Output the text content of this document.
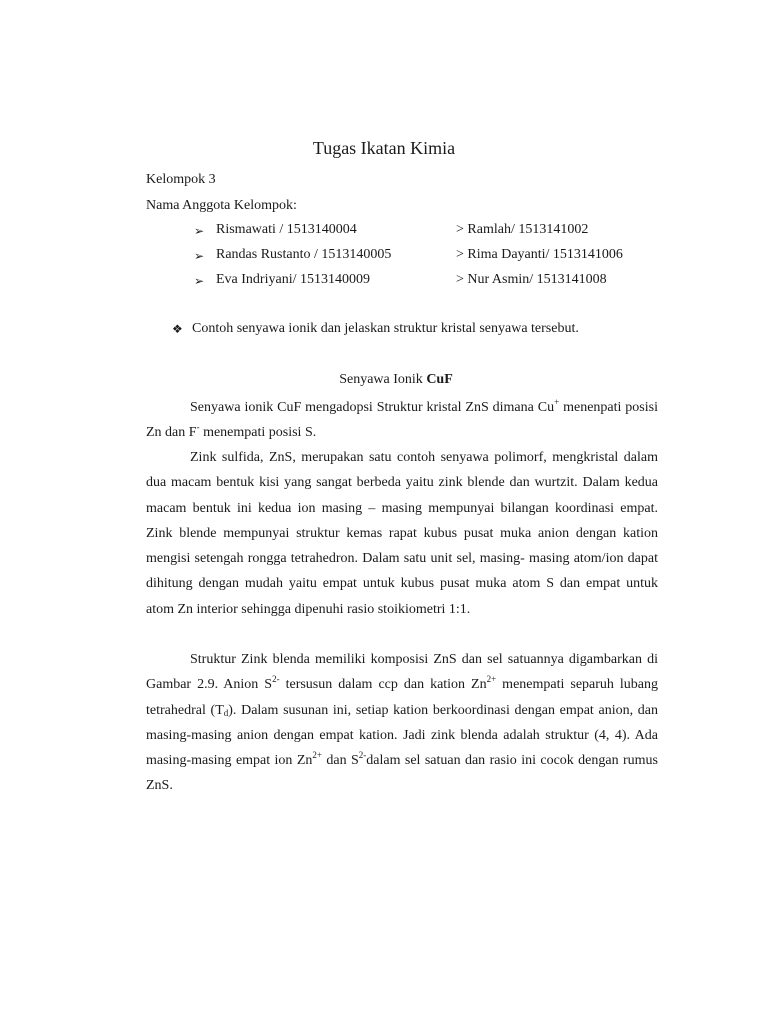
Tugas Ikatan Kimia
Kelompok 3
Nama Anggota Kelompok:
➢ Rismawati / 1513140004
➢ Randas Rustanto / 1513140005
➢ Eva Indriyani/ 1513140009
> Ramlah/ 1513141002
> Rima Dayanti/ 1513141006
> Nur Asmin/ 1513141008
❖ Contoh senyawa ionik dan jelaskan struktur kristal senyawa tersebut.
Senyawa Ionik CuF

Senyawa ionik CuF mengadopsi Struktur kristal ZnS dimana Cu+ menenpati posisi Zn dan F- menempati posisi S.

Zink sulfida, ZnS, merupakan satu contoh senyawa polimorf, mengkristal dalam dua macam bentuk kisi yang sangat berbeda yaitu zink blende dan wurtzit. Dalam kedua macam bentuk ini kedua ion masing – masing mempunyai bilangan koordinasi empat. Zink blende mempunyai struktur kemas rapat kubus pusat muka anion dengan kation mengisi setengah rongga tetrahedron. Dalam satu unit sel, masing- masing atom/ion dapat dihitung dengan mudah yaitu empat untuk kubus pusat muka atom S dan empat untuk atom Zn interior sehingga dipenuhi rasio stoikiometri 1:1.

Struktur Zink blenda memiliki komposisi ZnS dan sel satuannya digambarkan di Gambar 2.9. Anion $S^{2-}$ tersusun dalam ccp dan kation $Zn^{2+}$ menempati separuh lubang tetrahedral $(T_d)$. Dalam susunan ini, setiap kation berkoordinasi dengan empat anion, dan masing-masing anion dengan empat kation. Jadi zink blenda adalah struktur (4, 4). Ada masing-masing empat ion $Zn^{2+}$ dan $S^{2-}dalam$ sel satuan dan rasio ini cocok dengan rumus ZnS.
